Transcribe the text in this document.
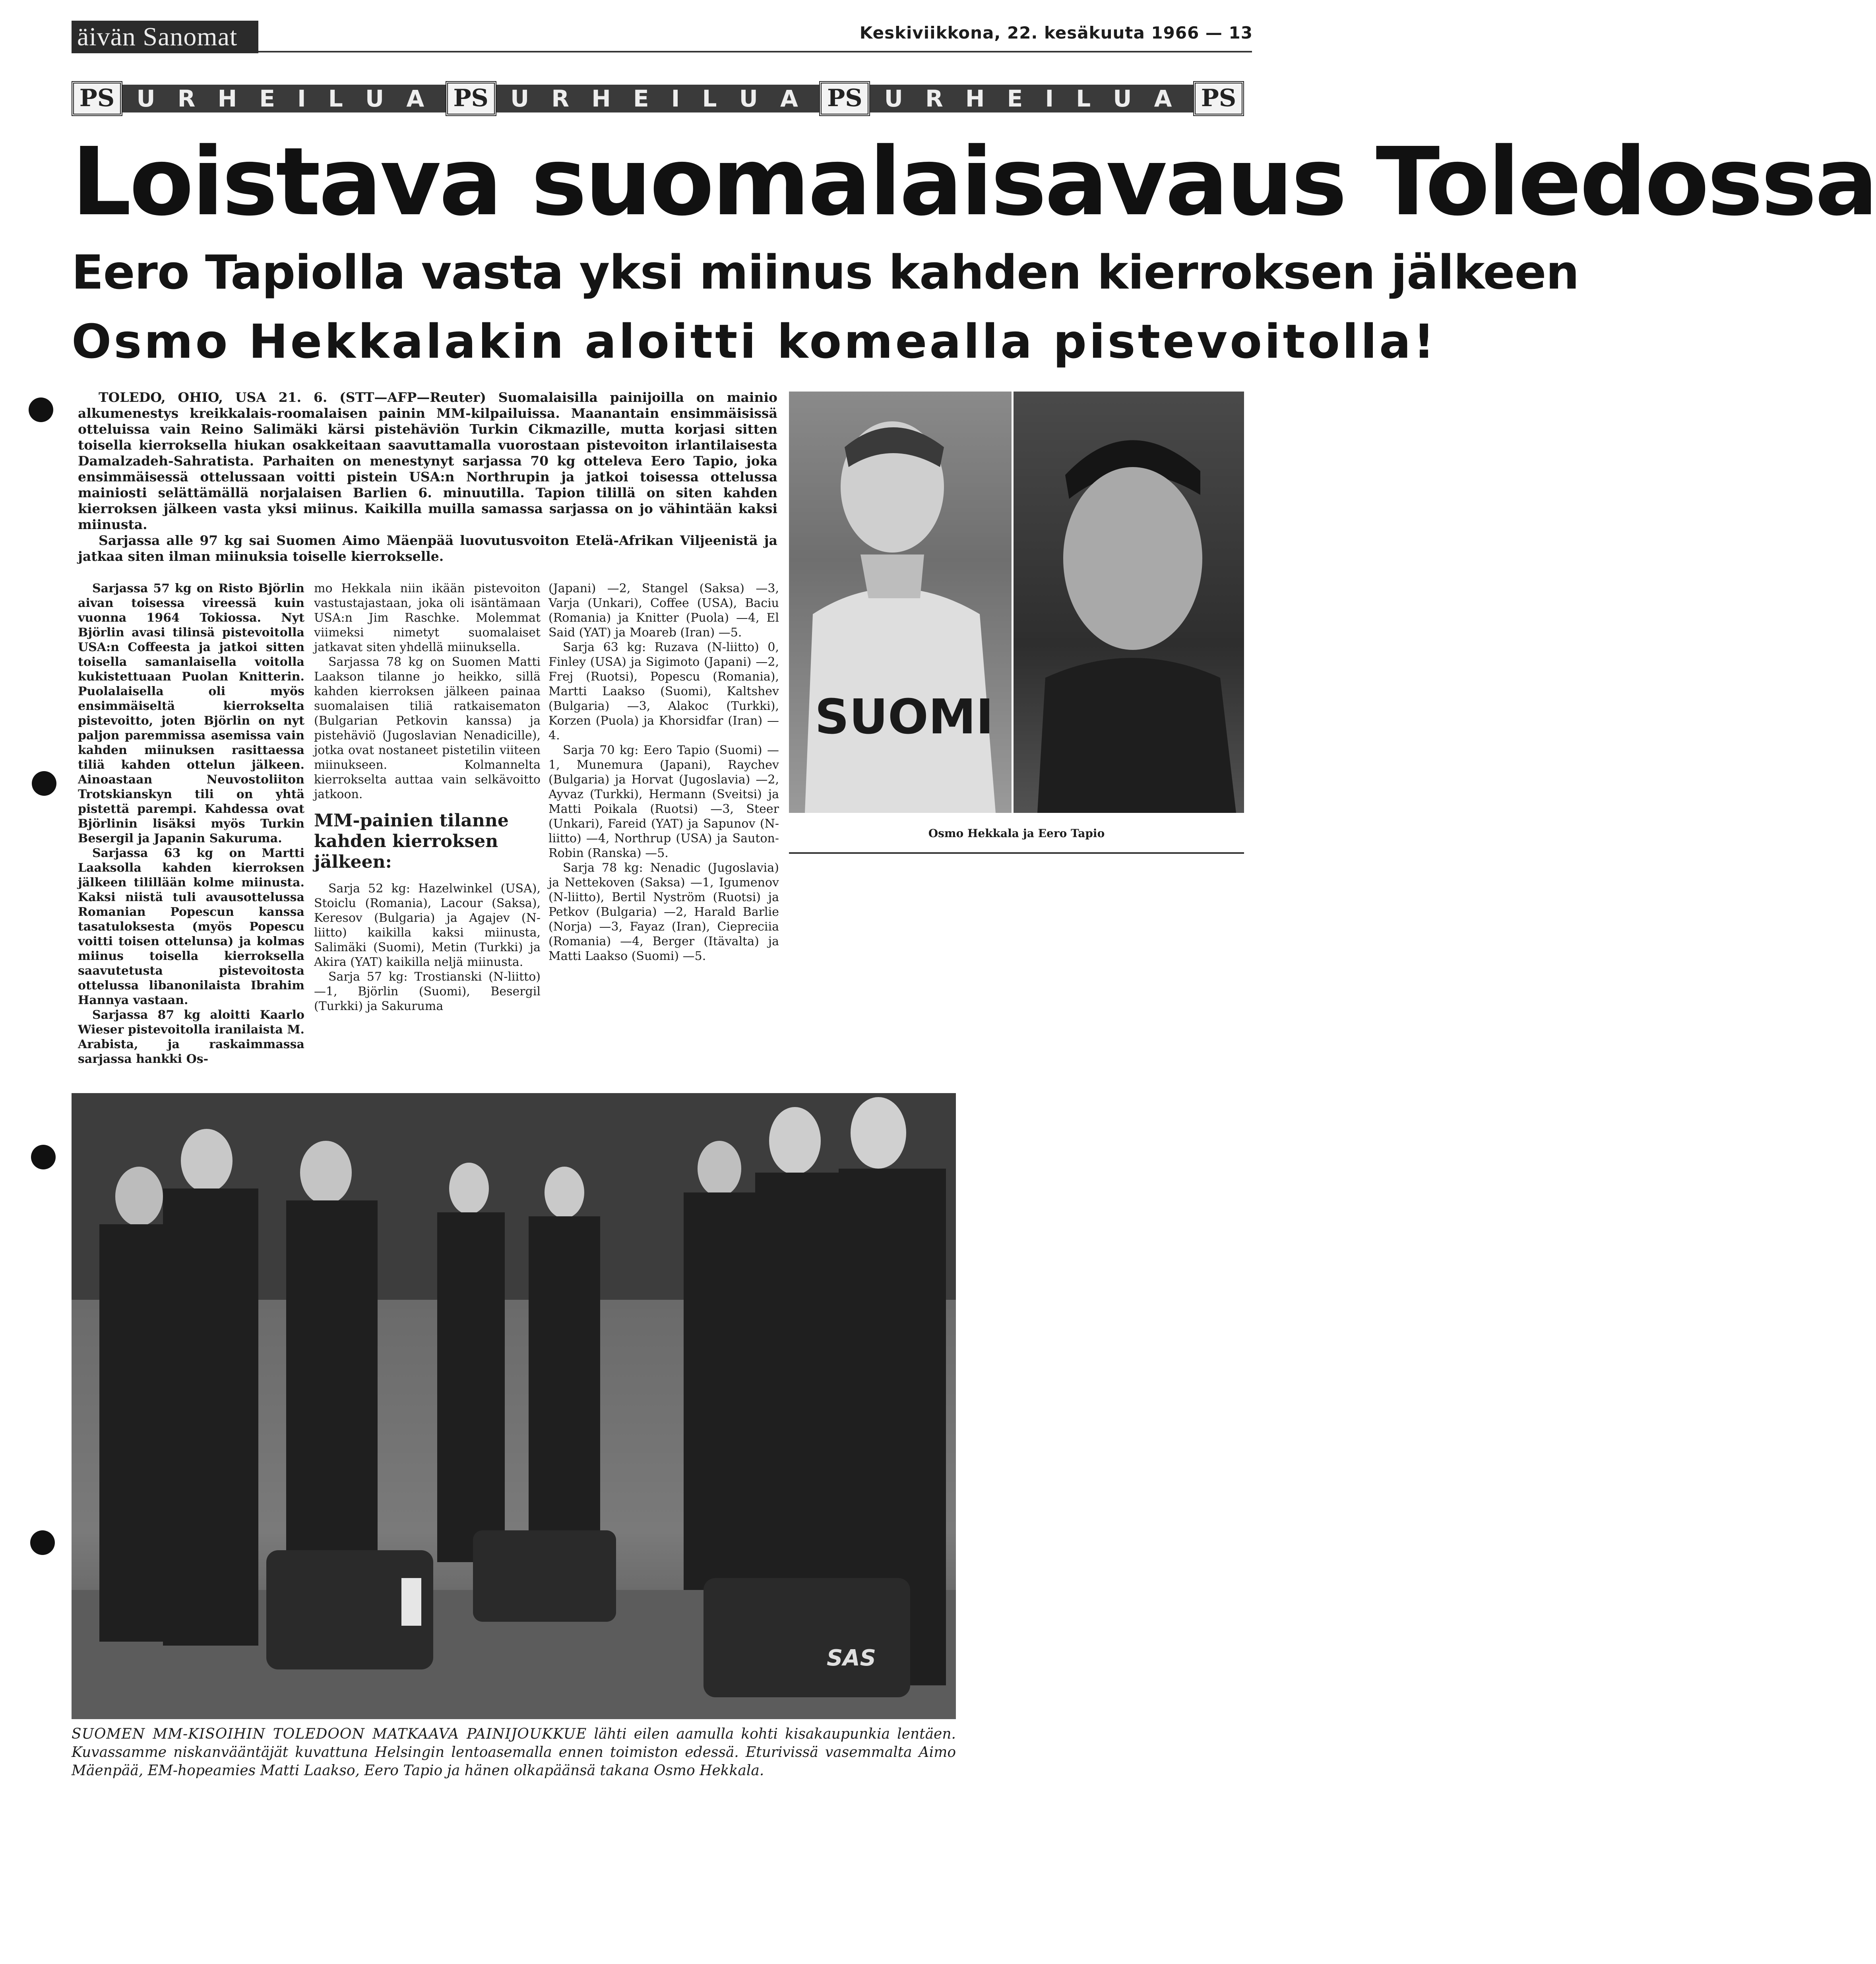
äivän Sanomat	Keskiviikkona, 22. kesäkuuta 1966 — 13
PS U R H E I L U A PS U R H E I L U A PS U R H E I L U A PS
Loistava suomalaisavaus Toledossa
Eero Tapiolla vasta yksi miinus kahden kierroksen jälkeen
Osmo Hekkalakin aloitti komealla pistevoitolla!

TOLEDO, OHIO, USA 21. 6. (STT—AFP—Reuter) Suomalaisilla painijoilla on mainio alkumenestys kreikkalais-roomalaisen painin MM-kilpailuissa. Maanantain ensimmäisissä otteluissa vain Reino Salimäki kärsi pistehäviön Turkin Cikmazille, mutta korjasi sitten toisella kierroksella hiukan osakkeitaan saavuttamalla vuorostaan pistevoiton irlantilaisesta Damalzadeh-Sahratista. Parhaiten on menestynyt sarjassa 70 kg otteleva Eero Tapio, joka ensimmäisessä ottelussaan voitti pistein USA:n Northrupin ja jatkoi toisessa ottelussa mainiosti selättämällä norjalaisen Barlien 6. minuutilla. Tapion tilillä on siten kahden kierroksen jälkeen vasta yksi miinus. Kaikilla muilla samassa sarjassa on jo vähintään kaksi miinusta.

Sarjassa alle 97 kg sai Suomen Aimo Mäenpää luovutusvoiton Etelä-Afrikan Viljeenistä ja jatkaa siten ilman miinuksia toiselle kierrokselle.

Sarjassa 57 kg on Risto Björlin aivan toisessa vireessä kuin vuonna 1964 Tokiossa. Nyt Björlin avasi tilinsä pistevoitolla USA:n Coffeesta ja jatkoi sitten toisella samanlaisella voitolla kukistettuaan Puolan Knitterin. Puolalaisella oli myös ensimmäiseltä kierrokselta pistevoitto, joten Björlin on nyt paljon paremmissa asemissa vain kahden miinuksen rasittaessa tiliä kahden ottelun jälkeen. Ainoastaan Neuvostoliiton Trotskianskyn tili on yhtä pistettä parempi. Kahdessa ovat Björlinin lisäksi myös Turkin Besergil ja Japanin Sakuruma.

Sarjassa 63 kg on Martti Laaksolla kahden kierroksen jälkeen tilillään kolme miinusta. Kaksi niistä tuli avausottelussa Romanian Popescun kanssa tasatuloksesta (myös Popescu voitti toisen ottelunsa) ja kolmas miinus toisella kierroksella saavutetusta pistevoitosta ottelussa libanonilaista Ibrahim Hannya vastaan.

Sarjassa 87 kg aloitti Kaarlo Wieser pistevoitolla iranilaista M. Arabista, ja raskaimmassa sarjassa hankki Os-

mo Hekkala niin ikään pistevoiton vastustajastaan, joka oli isäntämaan USA:n Jim Raschke. Molemmat viimeksi nimetyt suomalaiset jatkavat siten yhdellä miinuksella.

Sarjassa 78 kg on Suomen Matti Laakson tilanne jo heikko, sillä kahden kierroksen jälkeen painaa suomalaisen tiliä ratkaisematon (Bulgarian Petkovin kanssa) ja pistehäviö (Jugoslavian Nenadicille), jotka ovat nostaneet pistetilin viiteen miinukseen. Kolmannelta kierrokselta auttaa vain selkävoitto jatkoon.

MM-painien tilanne kahden kierroksen jälkeen:

Sarja 52 kg: Hazelwinkel (USA), Stoiclu (Romania), Lacour (Saksa), Keresov (Bulgaria) ja Agajev (N-liitto) kaikilla kaksi miinusta, Salimäki (Suomi), Metin (Turkki) ja Akira (YAT) kaikilla neljä miinusta.

Sarja 57 kg: Trostianski (N-liitto) —1, Björlin (Suomi), Besergil (Turkki) ja Sakuruma

(Japani) —2, Stangel (Saksa) —3, Varja (Unkari), Coffee (USA), Baciu (Romania) ja Knitter (Puola) —4, El Said (YAT) ja Moareb (Iran) —5.

Sarja 63 kg: Ruzava (N-liitto) 0, Finley (USA) ja Sigimoto (Japani) —2, Frej (Ruotsi), Popescu (Romania), Martti Laakso (Suomi), Kaltshev (Bulgaria) —3, Alakoc (Turkki), Korzen (Puola) ja Khorsidfar (Iran) —4.

Sarja 70 kg: Eero Tapio (Suomi) —1, Munemura (Japani), Raychev (Bulgaria) ja Horvat (Jugoslavia) —2, Ayvaz (Turkki), Hermann (Sveitsi) ja Matti Poikala (Ruotsi) —3, Steer (Unkari), Fareid (YAT) ja Sapunov (N-liitto) —4, Northrup (USA) ja Sauton-Robin (Ranska) —5.

Sarja 78 kg: Nenadic (Jugoslavia) ja Nettekoven (Saksa) —1, Igumenov (N-liitto), Bertil Nyström (Ruotsi) ja Petkov (Bulgaria) —2, Harald Barlie (Norja) —3, Fayaz (Iran), Ciepreciia (Romania) —4, Berger (Itävalta) ja Matti Laakso (Suomi) —5.

SUOMI
Osmo Hekkala ja Eero Tapio
SAS
SUOMEN MM-KISOIHIN TOLEDOON MATKAAVA PAINIJOUKKUE lähti eilen aamulla kohti kisakaupunkia lentäen. Kuvassamme niskanvääntäjät kuvattuna Helsingin lentoasemalla ennen toimiston edessä. Eturivissä vasemmalta Aimo Mäenpää, EM-hopeamies Matti Laakso, Eero Tapio ja hänen olkapäänsä takana Osmo Hekkala.
